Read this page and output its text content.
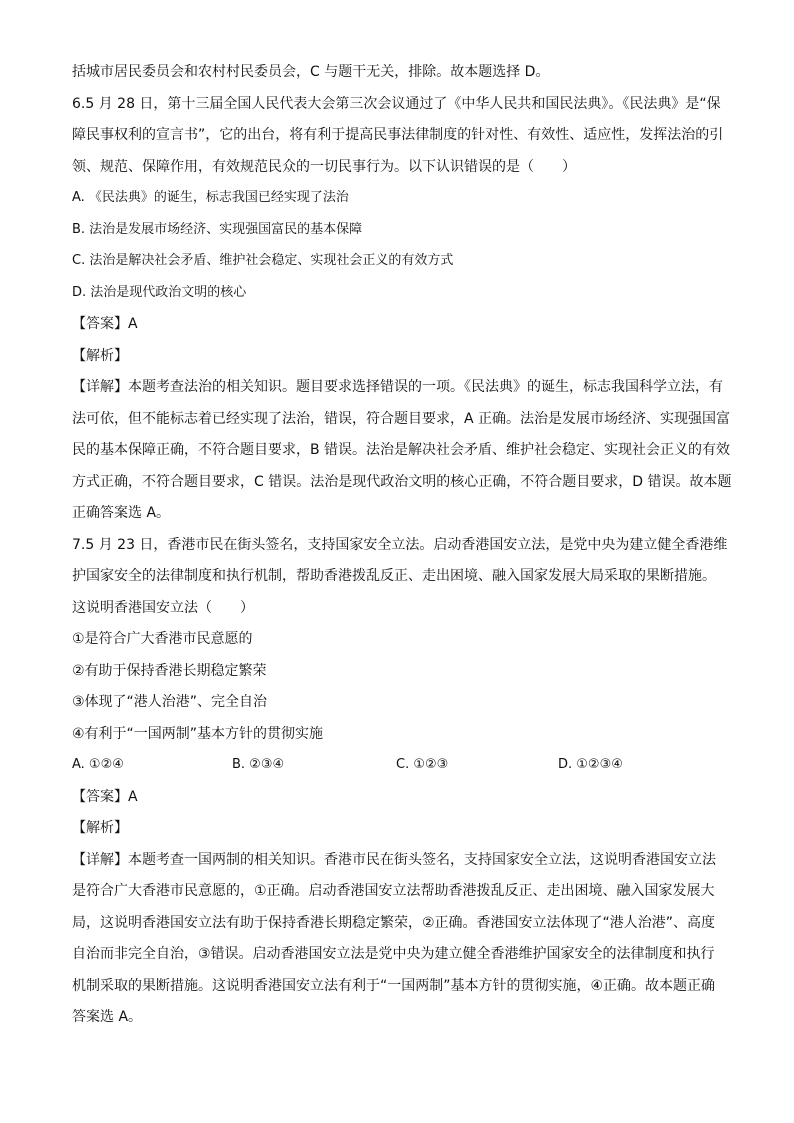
括城市居民委员会和农村村民委员会，C 与题干无关，排除。故本题选择 D。
6.5 月 28 日，第十三届全国人民代表大会第三次会议通过了《中华人民共和国民法典》。《民法典》是“保
障民事权利的宣言书”，它的出台，将有利于提高民事法律制度的针对性、有效性、适应性，发挥法治的引
领、规范、保障作用，有效规范民众的一切民事行为。以下认识错误的是（　　）
A. 《民法典》的诞生，标志我国已经实现了法治
B. 法治是发展市场经济、实现强国富民的基本保障
C. 法治是解决社会矛盾、维护社会稳定、实现社会正义的有效方式
D. 法治是现代政治文明的核心
【答案】A
【解析】
【详解】本题考查法治的相关知识。题目要求选择错误的一项。《民法典》的诞生，标志我国科学立法，有
法可依，但不能标志着已经实现了法治，错误，符合题目要求，A 正确。法治是发展市场经济、实现强国富
民的基本保障正确，不符合题目要求，B 错误。法治是解决社会矛盾、维护社会稳定、实现社会正义的有效
方式正确，不符合题目要求，C 错误。法治是现代政治文明的核心正确，不符合题目要求，D 错误。故本题
正确答案选 A。
7.5 月 23 日，香港市民在街头签名，支持国家安全立法。启动香港国安立法，是党中央为建立健全香港维
护国家安全的法律制度和执行机制，帮助香港拨乱反正、走出困境、融入国家发展大局采取的果断措施。
这说明香港国安立法（　　）
①是符合广大香港市民意愿的
②有助于保持香港长期稳定繁荣
③体现了“港人治港”、完全自治
④有利于“一国两制”基本方针的贯彻实施
A. ①②④	B. ②③④	C. ①②③	D. ①②③④
【答案】A
【解析】
【详解】本题考查一国两制的相关知识。香港市民在街头签名，支持国家安全立法，这说明香港国安立法
是符合广大香港市民意愿的，①正确。启动香港国安立法帮助香港拨乱反正、走出困境、融入国家发展大
局，这说明香港国安立法有助于保持香港长期稳定繁荣，②正确。香港国安立法体现了“港人治港”、高度
自治而非完全自治，③错误。启动香港国安立法是党中央为建立健全香港维护国家安全的法律制度和执行
机制采取的果断措施。这说明香港国安立法有利于“一国两制”基本方针的贯彻实施，④正确。故本题正确
答案选 A。
